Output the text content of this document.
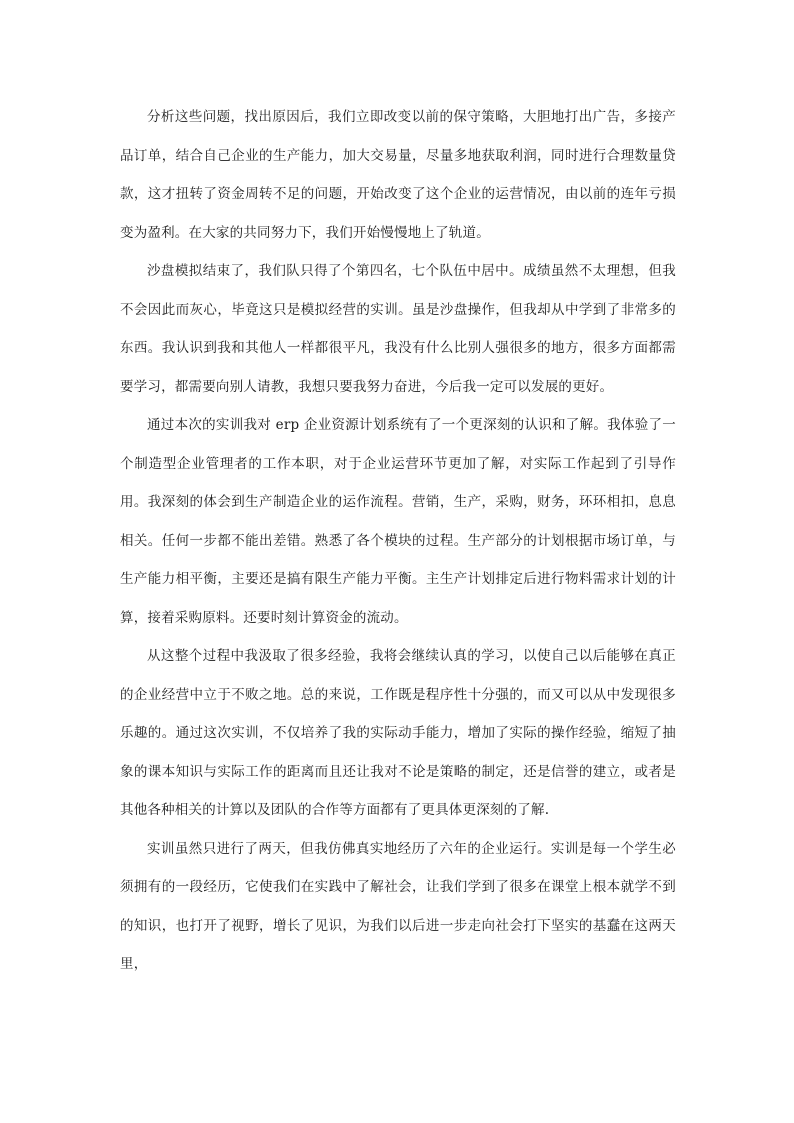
分析这些问题，找出原因后，我们立即改变以前的保守策略，大胆地打出广告，多接产品订单，结合自己企业的生产能力，加大交易量，尽量多地获取利润，同时进行合理数量贷款，这才扭转了资金周转不足的问题，开始改变了这个企业的运营情况，由以前的连年亏损变为盈利。在大家的共同努力下，我们开始慢慢地上了轨道。

沙盘模拟结束了，我们队只得了个第四名，七个队伍中居中。成绩虽然不太理想，但我不会因此而灰心，毕竟这只是模拟经营的实训。虽是沙盘操作，但我却从中学到了非常多的东西。我认识到我和其他人一样都很平凡，我没有什么比别人强很多的地方，很多方面都需要学习，都需要向别人请教，我想只要我努力奋进，今后我一定可以发展的更好。

通过本次的实训我对 erp 企业资源计划系统有了一个更深刻的认识和了解。我体验了一个制造型企业管理者的工作本职，对于企业运营环节更加了解，对实际工作起到了引导作用。我深刻的体会到生产制造企业的运作流程。营销，生产，采购，财务，环环相扣，息息相关。任何一步都不能出差错。熟悉了各个模块的过程。生产部分的计划根据市场订单，与生产能力相平衡，主要还是搞有限生产能力平衡。主生产计划排定后进行物料需求计划的计算，接着采购原料。还要时刻计算资金的流动。

从这整个过程中我汲取了很多经验，我将会继续认真的学习，以使自己以后能够在真正的企业经营中立于不败之地。总的来说，工作既是程序性十分强的，而又可以从中发现很多乐趣的。通过这次实训，不仅培养了我的实际动手能力，增加了实际的操作经验，缩短了抽象的课本知识与实际工作的距离而且还让我对不论是策略的制定，还是信誉的建立，或者是其他各种相关的计算以及团队的合作等方面都有了更具体更深刻的了解.

实训虽然只进行了两天，但我仿佛真实地经历了六年的企业运行。实训是每一个学生必须拥有的一段经历，它使我们在实践中了解社会，让我们学到了很多在课堂上根本就学不到的知识，也打开了视野，增长了见识，为我们以后进一步走向社会打下坚实的基蠢在这两天里，
